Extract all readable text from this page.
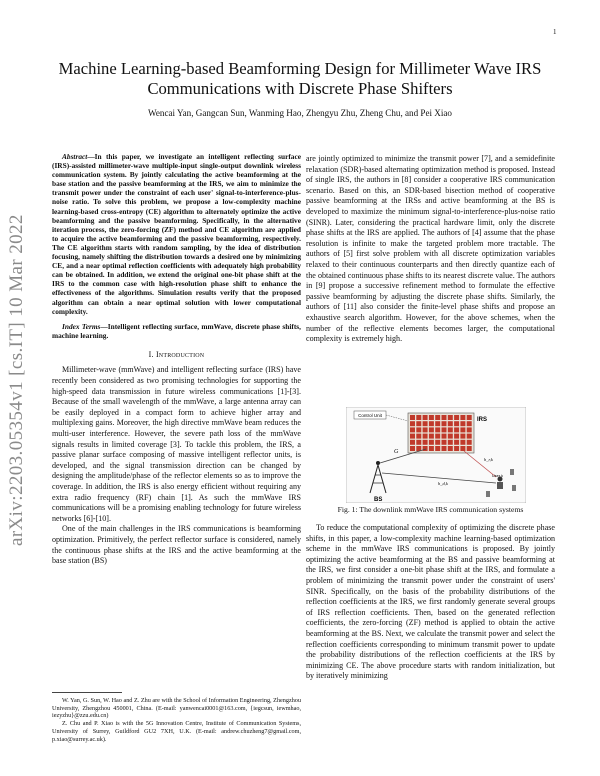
1
arXiv:2203.05354v1 [cs.IT] 10 Mar 2022
Machine Learning-based Beamforming Design for Millimeter Wave IRS Communications with Discrete Phase Shifters
Wencai Yan, Gangcan Sun, Wanming Hao, Zhengyu Zhu, Zheng Chu, and Pei Xiao

Abstract—In this paper, we investigate an intelligent reflecting surface (IRS)-assisted millimeter-wave multiple-input single-output downlink wireless communication system. By jointly calculating the active beamforming at the base station and the passive beamforming at the IRS, we aim to minimize the transmit power under the constraint of each user' signal-to-interference-plus-noise ratio. To solve this problem, we propose a low-complexity machine learning-based cross-entropy (CE) algorithm to alternately optimize the active beamforming and the passive beamforming. Specifically, in the alternative iteration process, the zero-forcing (ZF) method and CE algorithm are applied to acquire the active beamforming and the passive beamforming, respectively. The CE algorithm starts with random sampling, by the idea of distribution focusing, namely shifting the distribution towards a desired one by minimizing CE, and a near optimal reflection coefficients with adequately high probability can be obtained. In addition, we extend the original one-bit phase shift at the IRS to the common case with high-resolution phase shift to enhance the effectiveness of the algorithms. Simulation results verify that the proposed algorithm can obtain a near optimal solution with lower computational complexity.

Index Terms—Intelligent reflecting surface, mmWave, discrete phase shifts, machine learning.

I. Introduction

Millimeter-wave (mmWave) and intelligent reflecting surface (IRS) have recently been considered as two promising technologies for supporting the high-speed data transmission in future wireless communications [1]-[3]. Because of the small wavelength of the mmWave, a large antenna array can be easily deployed in a compact form to achieve higher array and multiplexing gains. Moreover, the high directive mmWave beam reduces the multi-user interference. However, the severe path loss of the mmWave signals results in limited coverage [3]. To tackle this problem, the IRS, a passive planar surface composing of massive intelligent reflector units, is developed, and the signal transmission direction can be changed by designing the amplitude/phase of the reflector elements so as to improve the coverage. In addition, the IRS is also energy efficient without requiring any extra radio frequency (RF) chain [1]. As such the mmWave IRS communications will be a promising enabling technology for future wireless networks [6]-[10].

One of the main challenges in the IRS communications is beamforming optimization. Primitively, the perfect reflector surface is considered, namely the continuous phase shifts at the IRS and the active beamforming at the base station (BS)

W. Yan, G. Sun, W. Hao and Z. Zhu are with the School of Information Engineering, Zhengzhou University, Zhengzhou 450001, China. (E-mail: yanwencai0001@163.com, {iegcsun, iewmhao, iezyzhu}@zzu.edu.cn)

Z. Chu and P. Xiao is with the 5G Innovation Centre, Institute of Communication Systems, University of Surrey, Guildford GU2 7XH, U.K. (E-mail: andrew.chuzheng7@gmail.com, p.xiao@surrey.ac.uk).

are jointly optimized to minimize the transmit power [7], and a semidefinite relaxation (SDR)-based alternating optimization method is proposed. Instead of single IRS, the authors in [8] consider a cooperative IRS communication scenario. Based on this, an SDR-based bisection method of cooperative passive beamforming at the IRSs and active beamforming at the BS is developed to maximize the minimum signal-to-interference-plus-noise ratio (SINR). Later, considering the practical hardware limit, only the discrete phase shifts at the IRS are applied. The authors of [4] assume that the phase resolution is infinite to make the targeted problem more tractable. The authors of [5] first solve problem with all discrete optimization variables relaxed to their continuous counterparts and then directly quantize each of the obtained continuous phase shifts to its nearest discrete value. The authors in [9] propose a successive refinement method to formulate the effective passive beamforming by adjusting the discrete phase shifts. Similarly, the authors of [11] also consider the finite-level phase shifts and propose an exhaustive search algorithm. However, for the above schemes, when the number of the reflective elements becomes larger, the computational complexity is extremely high.

Control Unit
IRS
BS
G
h_r,k
h_d,k
User k
Fig. 1: The downlink mmWave IRS communication systems

To reduce the computational complexity of optimizing the discrete phase shifts, in this paper, a low-complexity machine learning-based optimization scheme in the mmWave IRS communications is proposed. By jointly optimizing the active beamforming at the BS and passive beamforming at the IRS, we first consider a one-bit phase shift at the IRS, and formulate a problem of minimizing the transmit power under the constraint of users' SINR. Specifically, on the basis of the probability distributions of the reflection coefficients at the IRS, we first randomly generate several groups of IRS reflection coefficients. Then, based on the generated reflection coefficients, the zero-forcing (ZF) method is applied to obtain the active beamforming at the BS. Next, we calculate the transmit power and select the reflection coefficients corresponding to minimum transmit power to update the probability distributions of the reflection coefficients at the IRS by minimizing CE. The above procedure starts with random initialization, but by iteratively minimizing
